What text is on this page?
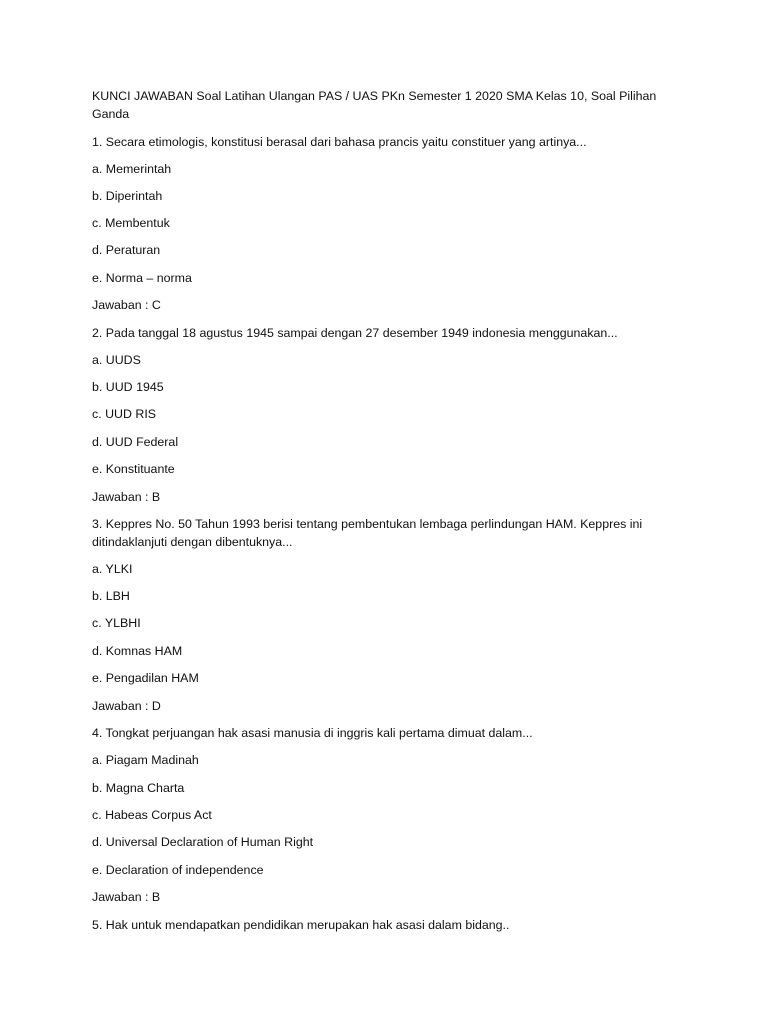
KUNCI JAWABAN Soal Latihan Ulangan PAS / UAS PKn Semester 1 2020 SMA Kelas 10, Soal Pilihan Ganda

1. Secara etimologis, konstitusi berasal dari bahasa prancis yaitu constituer yang artinya...

a. Memerintah

b. Diperintah

c. Membentuk

d. Peraturan

e. Norma – norma

Jawaban : C

2. Pada tanggal 18 agustus 1945 sampai dengan 27 desember 1949 indonesia menggunakan...

a. UUDS

b. UUD 1945

c. UUD RIS

d. UUD Federal

e. Konstituante

Jawaban : B

3. Keppres No. 50 Tahun 1993 berisi tentang pembentukan lembaga perlindungan HAM. Keppres ini ditindaklanjuti dengan dibentuknya...

a. YLKI

b. LBH

c. YLBHI

d. Komnas HAM

e. Pengadilan HAM

Jawaban : D

4. Tongkat perjuangan hak asasi manusia di inggris kali pertama dimuat dalam...

a. Piagam Madinah

b. Magna Charta

c. Habeas Corpus Act

d. Universal Declaration of Human Right

e. Declaration of independence

Jawaban : B

5. Hak untuk mendapatkan pendidikan merupakan hak asasi dalam bidang..
